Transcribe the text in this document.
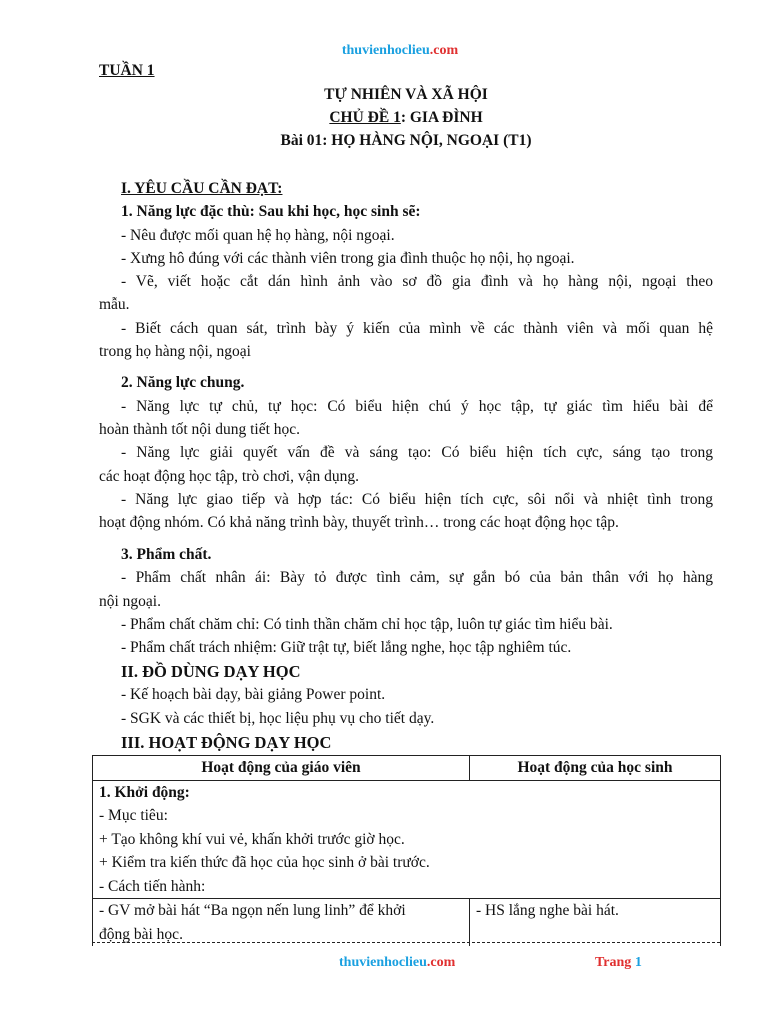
thuvienhoclieu.com
TUẦN 1
TỰ NHIÊN VÀ XÃ HỘI
CHỦ ĐỀ 1: GIA ĐÌNH
Bài 01: HỌ HÀNG NỘI, NGOẠI (T1)
I. YÊU CẦU CẦN ĐẠT:
1. Năng lực đặc thù: Sau khi học, học sinh sẽ:
- Nêu được mối quan hệ họ hàng, nội ngoại.
- Xưng hô đúng với các thành viên trong gia đình thuộc họ nội, họ ngoại.
- Vẽ, viết hoặc cắt dán hình ảnh vào sơ đồ gia đình và họ hàng nội, ngoại theo
mẫu.
- Biết cách quan sát, trình bày ý kiến của mình về các thành viên và mối quan hệ
trong họ hàng nội, ngoại
2. Năng lực chung.
- Năng lực tự chủ, tự học: Có biểu hiện chú ý học tập, tự giác tìm hiểu bài để
hoàn thành tốt nội dung tiết học.
- Năng lực giải quyết vấn đề và sáng tạo: Có biểu hiện tích cực, sáng tạo trong
các hoạt động học tập, trò chơi, vận dụng.
- Năng lực giao tiếp và hợp tác: Có biểu hiện tích cực, sôi nổi và nhiệt tình trong
hoạt động nhóm. Có khả năng trình bày, thuyết trình… trong các hoạt động học tập.
3. Phẩm chất.
- Phẩm chất nhân ái: Bày tỏ được tình cảm, sự gắn bó của bản thân với họ hàng
nội ngoại.
- Phẩm chất chăm chỉ: Có tinh thần chăm chỉ học tập, luôn tự giác tìm hiểu bài.
- Phẩm chất trách nhiệm: Giữ trật tự, biết lắng nghe, học tập nghiêm túc.
II. ĐỒ DÙNG DẠY HỌC
- Kế hoạch bài dạy, bài giảng Power point.
- SGK và các thiết bị, học liệu phụ vụ cho tiết dạy.
III. HOẠT ĐỘNG DẠY HỌC
Hoạt động của giáo viên	Hoạt động của học sinh

1. Khởi động:
- Mục tiêu:
+ Tạo không khí vui vẻ, khấn khởi trước giờ học.
+ Kiểm tra kiến thức đã học của học sinh ở bài trước.
- Cách tiến hành:	

- GV mở bài hát “Ba ngọn nến lung linh” để khởi
động bài học.	- HS lắng nghe bài hát.
thuvienhoclieu.com	Trang 1
